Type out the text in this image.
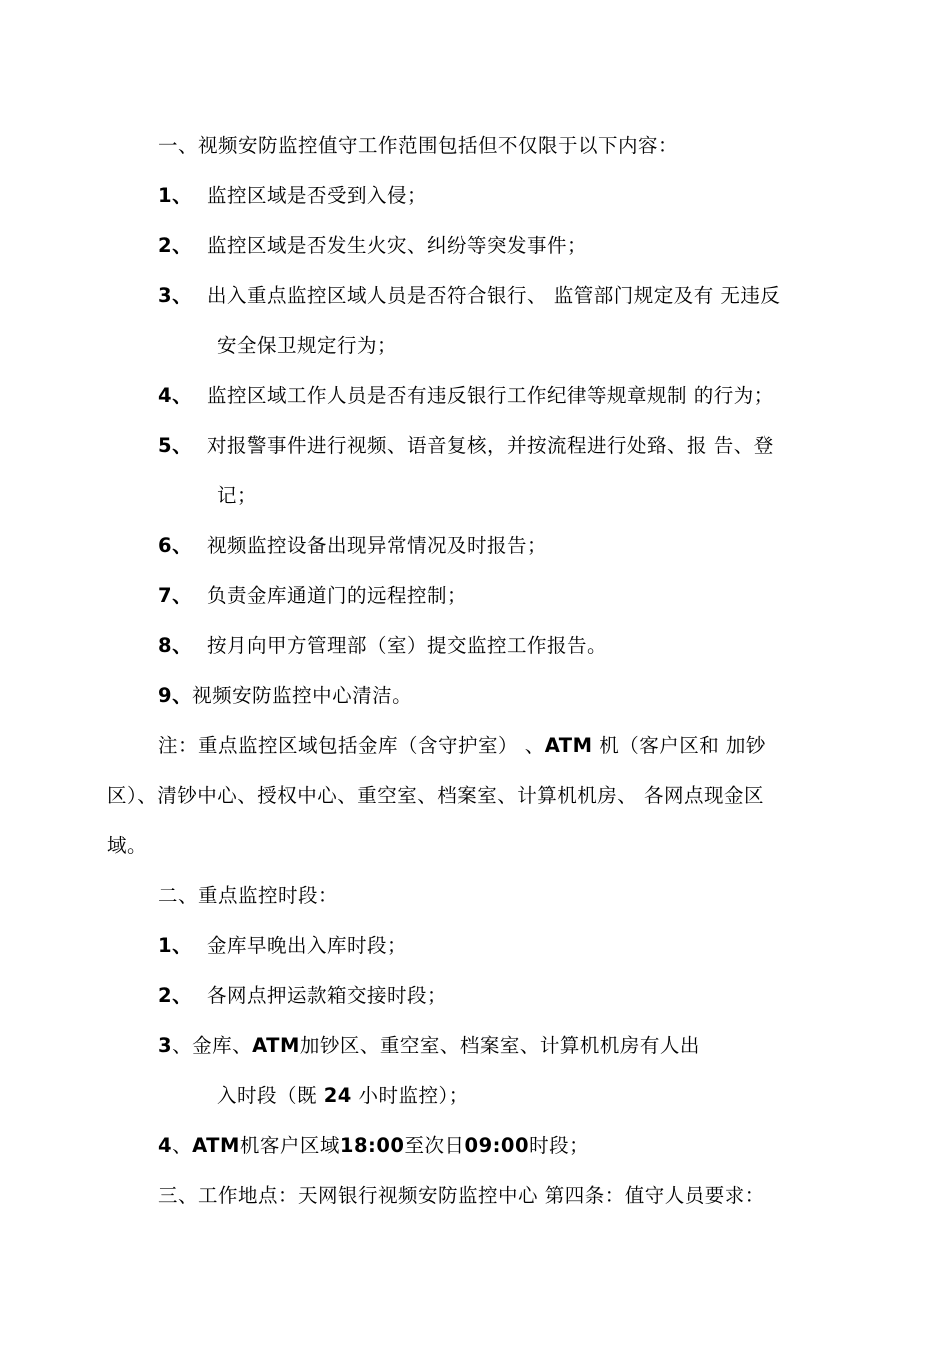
一、视频安防监控值守工作范围包括但不仅限于以下内容：
1、 监控区域是否受到入侵；
2、 监控区域是否发生火灾、纠纷等突发事件；
3、 出入重点监控区域人员是否符合银行、 监管部门规定及有 无违反
安全保卫规定行为；
4、 监控区域工作人员是否有违反银行工作纪律等规章规制 的行为；
5、 对报警事件进行视频、语音复核，并按流程进行处臵、报 告、登
记；
6、 视频监控设备出现异常情况及时报告；
7、 负责金库通道门的远程控制；
8、 按月向甲方管理部（室）提交监控工作报告。
9、视频安防监控中心清洁。
注：重点监控区域包括金库（含守护室） 、ATM 机（客户区和 加钞
区）、清钞中心、授权中心、重空室、档案室、计算机机房、 各网点现金区
域。
二、重点监控时段：
1、 金库早晚出入库时段；
2、 各网点押运款箱交接时段；
3、金库、ATM加钞区、重空室、档案室、计算机机房有人出
入时段（既 24 小时监控）；
4、ATM机客户区域18:00至次日09:00时段；
三、工作地点：天网银行视频安防监控中心 第四条：值守人员要求：
